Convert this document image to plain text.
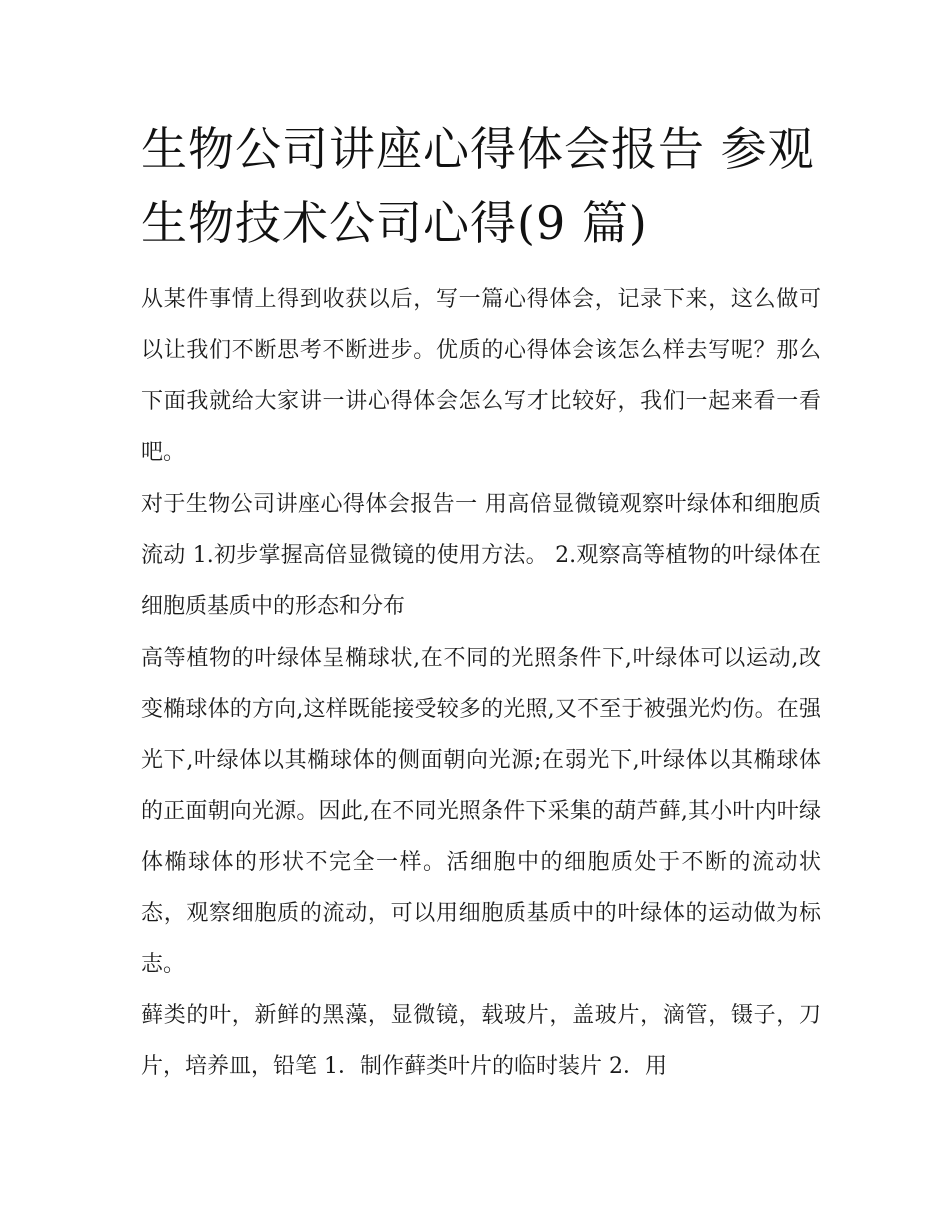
生物公司讲座心得体会报告 参观生物技术公司心得(9 篇)

从某件事情上得到收获以后，写一篇心得体会，记录下来，这么做可以让我们不断思考不断进步。优质的心得体会该怎么样去写呢？那么下面我就给大家讲一讲心得体会怎么写才比较好，我们一起来看一看吧。

对于生物公司讲座心得体会报告一 用高倍显微镜观察叶绿体和细胞质流动 1.初步掌握高倍显微镜的使用方法。 2.观察高等植物的叶绿体在细胞质基质中的形态和分布

高等植物的叶绿体呈椭球状,在不同的光照条件下,叶绿体可以运动,改变椭球体的方向,这样既能接受较多的光照,又不至于被强光灼伤。在强光下,叶绿体以其椭球体的侧面朝向光源;在弱光下,叶绿体以其椭球体的正面朝向光源。因此,在不同光照条件下采集的葫芦藓,其小叶内叶绿体椭球体的形状不完全一样。活细胞中的细胞质处于不断的流动状态，观察细胞质的流动，可以用细胞质基质中的叶绿体的运动做为标志。

藓类的叶，新鲜的黑藻，显微镜，载玻片，盖玻片，滴管，镊子，刀片，培养皿，铅笔 1．制作藓类叶片的临时装片 2．用
